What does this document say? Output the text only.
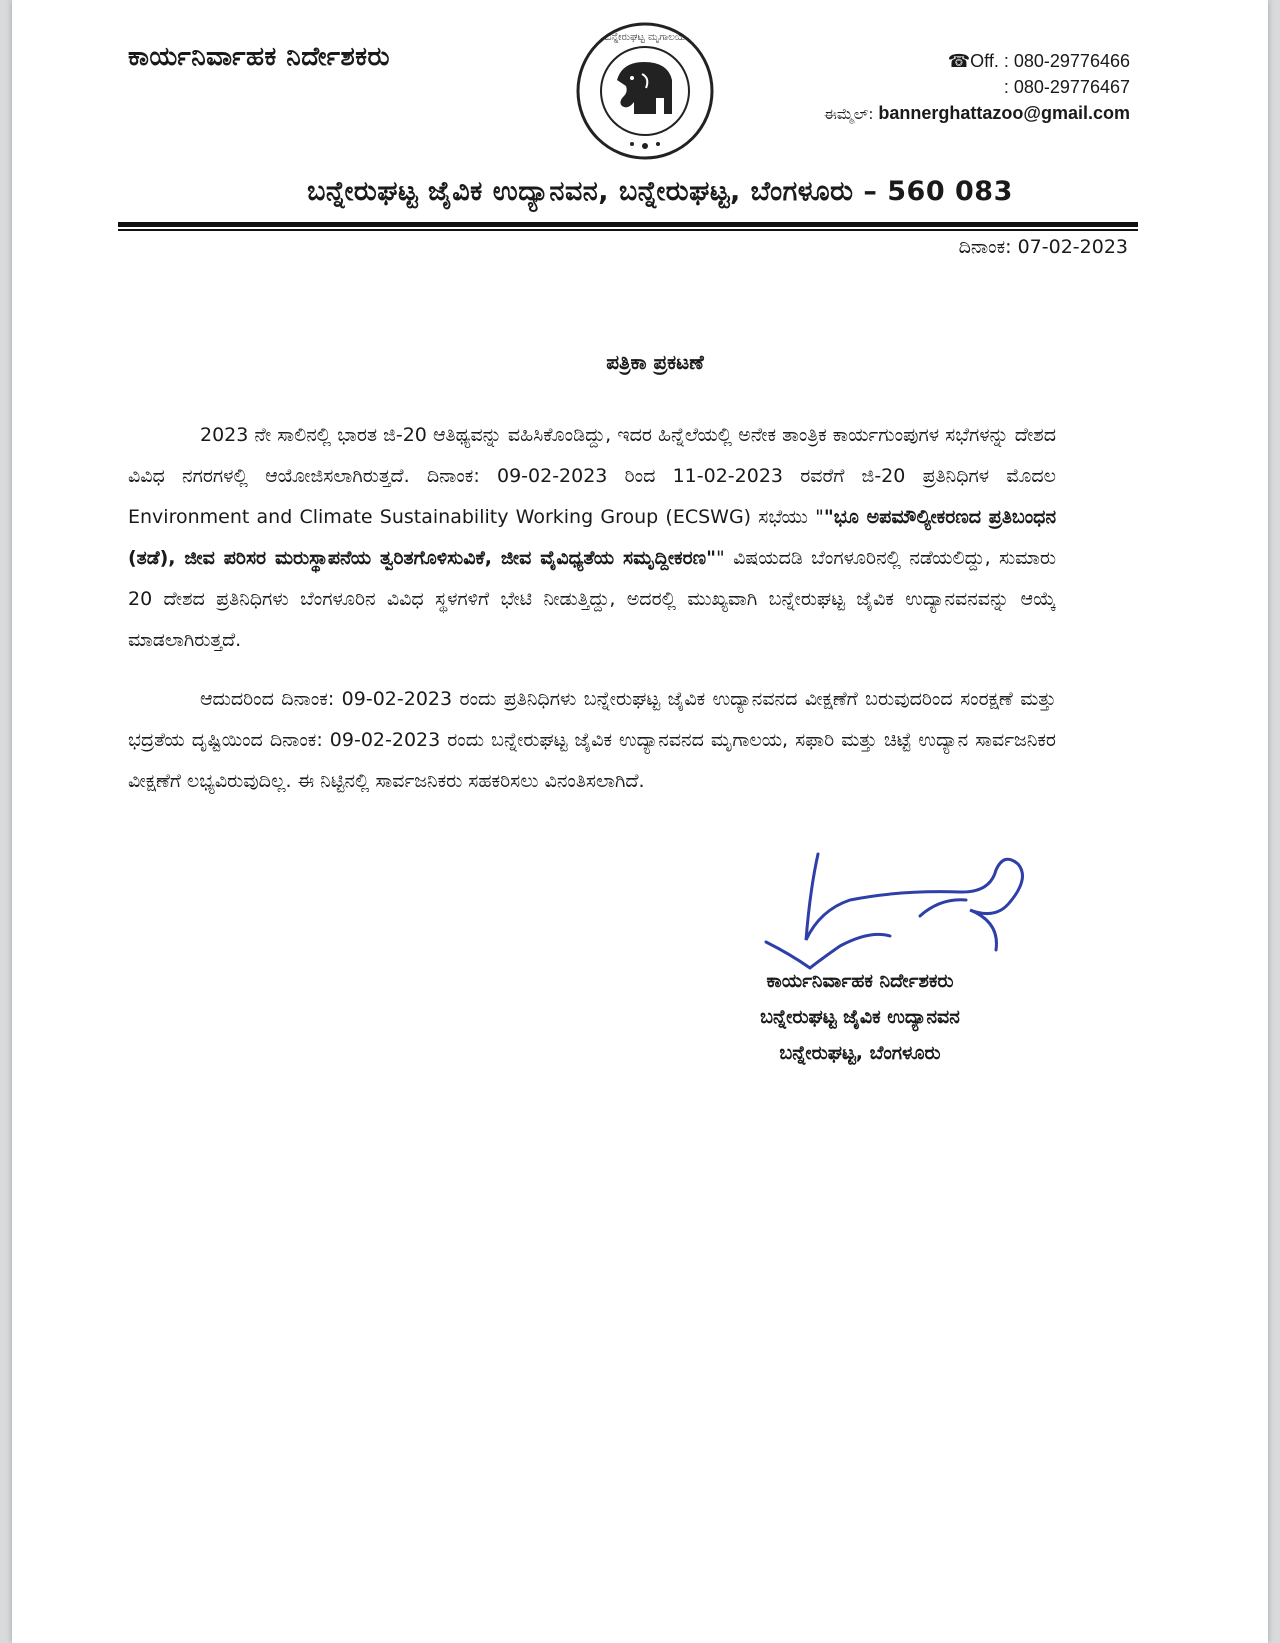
ಕಾರ್ಯನಿರ್ವಾಹಕ ನಿರ್ದೇಶಕರು
ಬನ್ನೇರುಘಟ್ಟ ಮೃಗಾಲಯ
☎Off. : 080-29776466
: 080-29776467
ಈಮ್ಮೆಲ್: bannerghattazoo@gmail.com
ಬನ್ನೇರುಘಟ್ಟ ಜೈವಿಕ ಉದ್ಯಾನವನ, ಬನ್ನೇರುಘಟ್ಟ, ಬೆಂಗಳೂರು – 560 083
ದಿನಾಂಕ: 07-02-2023
ಪತ್ರಿಕಾ ಪ್ರಕಟಣೆ

2023 ನೇ ಸಾಲಿನಲ್ಲಿ ಭಾರತ ಜಿ-20 ಆತಿಥ್ಯವನ್ನು ವಹಿಸಿಕೊಂಡಿದ್ದು, ಇದರ ಹಿನ್ನೆಲೆಯಲ್ಲಿ ಅನೇಕ ತಾಂತ್ರಿಕ ಕಾರ್ಯಗುಂಪುಗಳ ಸಭೆಗಳನ್ನು ದೇಶದ ವಿವಿಧ ನಗರಗಳಲ್ಲಿ ಆಯೋಜಿಸಲಾಗಿರುತ್ತದೆ. ದಿನಾಂಕ: 09-02-2023 ರಿಂದ 11-02-2023 ರವರೆಗೆ ಜಿ-20 ಪ್ರತಿನಿಧಿಗಳ ಮೊದಲ Environment and Climate Sustainability Working Group (ECSWG) ಸಭೆಯು ""ಭೂ ಅಪಮೌಲ್ಯೀಕರಣದ ಪ್ರತಿಬಂಧನ (ತಡೆ), ಜೀವ ಪರಿಸರ ಮರುಸ್ಥಾಪನೆಯ ತ್ವರಿತಗೊಳಿಸುವಿಕೆ, ಜೀವ ವೈವಿಧ್ಯತೆಯ ಸಮೃದ್ದೀಕರಣ"" ವಿಷಯದಡಿ ಬೆಂಗಳೂರಿನಲ್ಲಿ ನಡೆಯಲಿದ್ದು, ಸುಮಾರು 20 ದೇಶದ ಪ್ರತಿನಿಧಿಗಳು ಬೆಂಗಳೂರಿನ ವಿವಿಧ ಸ್ಥಳಗಳಿಗೆ ಭೇಟಿ ನೀಡುತ್ತಿದ್ದು, ಅದರಲ್ಲಿ ಮುಖ್ಯವಾಗಿ ಬನ್ನೇರುಘಟ್ಟ ಜೈವಿಕ ಉದ್ಯಾನವನವನ್ನು ಆಯ್ಕೆ ಮಾಡಲಾಗಿರುತ್ತದೆ.

ಆದುದರಿಂದ ದಿನಾಂಕ: 09-02-2023 ರಂದು ಪ್ರತಿನಿಧಿಗಳು ಬನ್ನೇರುಘಟ್ಟ ಜೈವಿಕ ಉದ್ಯಾನವನದ ವೀಕ್ಷಣೆಗೆ ಬರುವುದರಿಂದ ಸಂರಕ್ಷಣೆ ಮತ್ತು ಭದ್ರತೆಯ ದೃಷ್ಟಿಯಿಂದ ದಿನಾಂಕ: 09-02-2023 ರಂದು ಬನ್ನೇರುಘಟ್ಟ ಜೈವಿಕ ಉದ್ಯಾನವನದ ಮೃಗಾಲಯ, ಸಫಾರಿ ಮತ್ತು ಚಿಟ್ಟೆ ಉದ್ಯಾನ ಸಾರ್ವಜನಿಕರ ವೀಕ್ಷಣೆಗೆ ಲಭ್ಯವಿರುವುದಿಲ್ಲ. ಈ ನಿಟ್ಟಿನಲ್ಲಿ ಸಾರ್ವಜನಿಕರು ಸಹಕರಿಸಲು ವಿನಂತಿಸಲಾಗಿದೆ.

ಕಾರ್ಯನಿರ್ವಾಹಕ ನಿರ್ದೇಶಕರು
ಬನ್ನೇರುಘಟ್ಟ ಜೈವಿಕ ಉದ್ಯಾನವನ
ಬನ್ನೇರುಘಟ್ಟ, ಬೆಂಗಳೂರು
